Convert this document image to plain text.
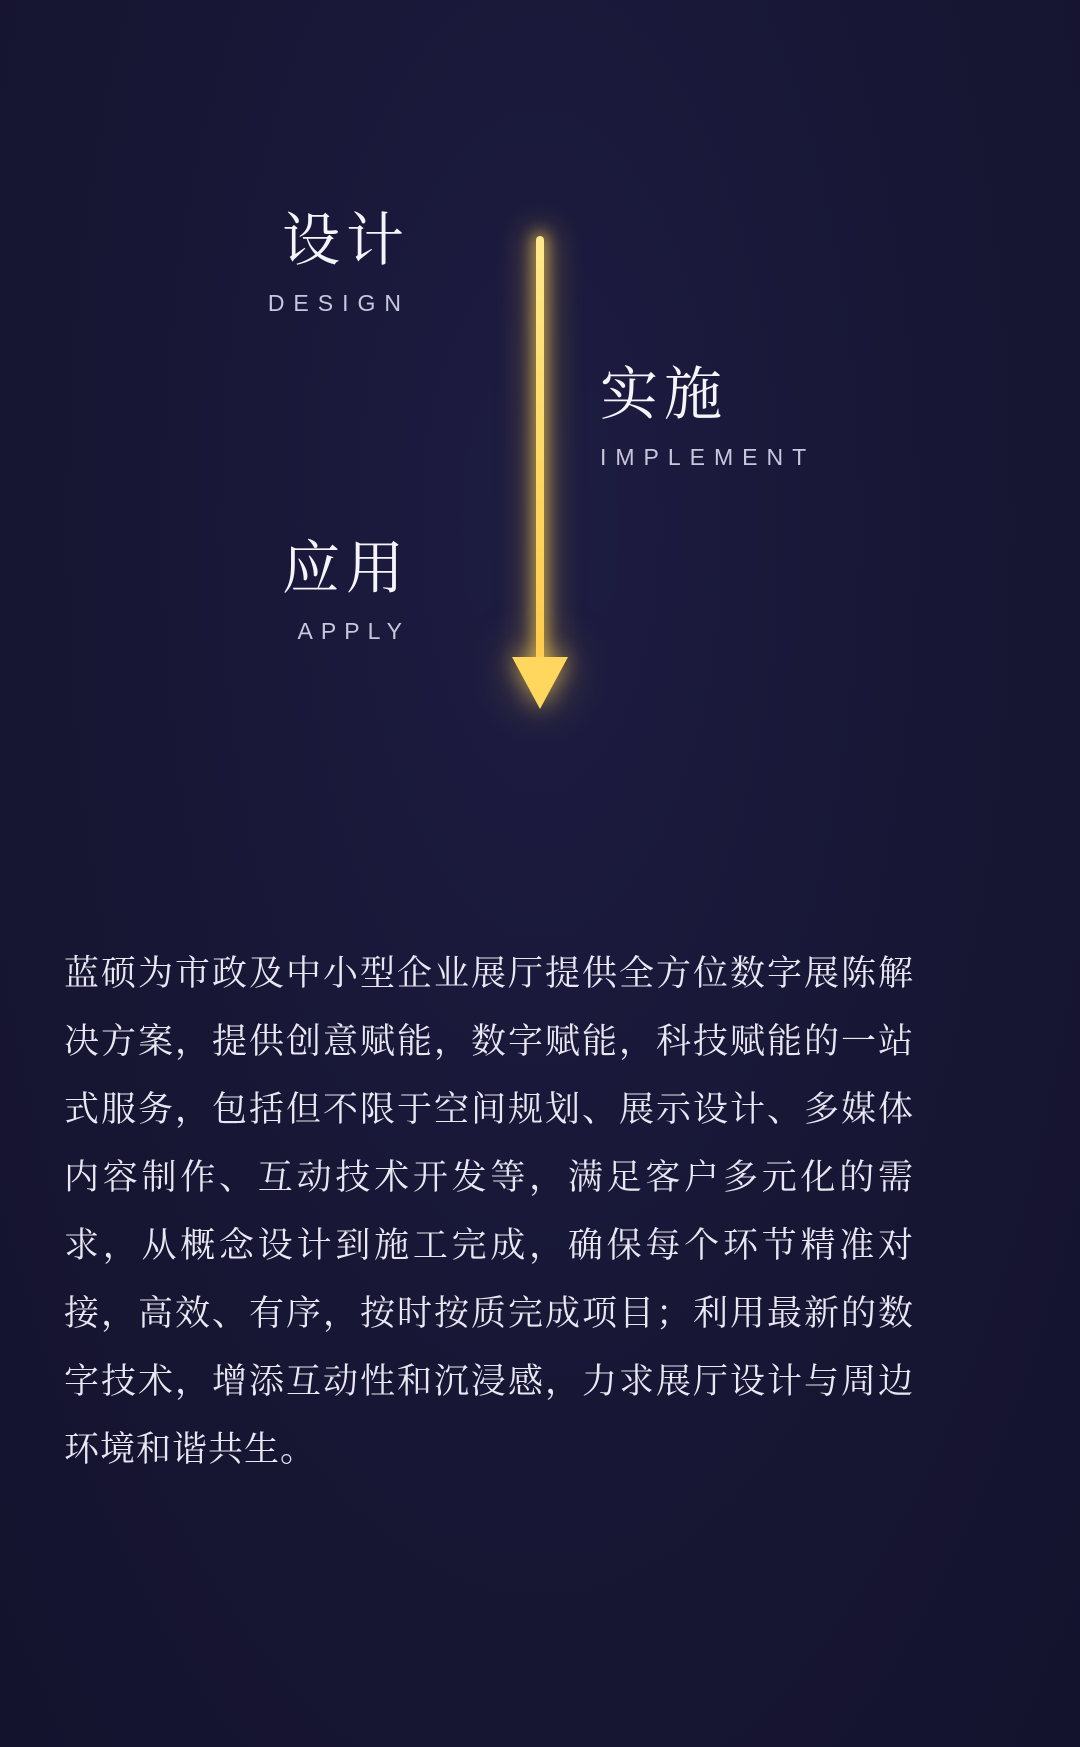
设计
DESIGN
实施
IMPLEMENT
应用
APPLY

蓝硕为市政及中小型企业展厅提供全方位数字展陈解决方案，提供创意赋能，数字赋能，科技赋能的一站式服务，包括但不限于空间规划、展示设计、多媒体内容制作、互动技术开发等，满足客户多元化的需求，从概念设计到施工完成，确保每个环节精准对接，高效、有序，按时按质完成项目；利用最新的数字技术，增添互动性和沉浸感，力求展厅设计与周边环境和谐共生。
